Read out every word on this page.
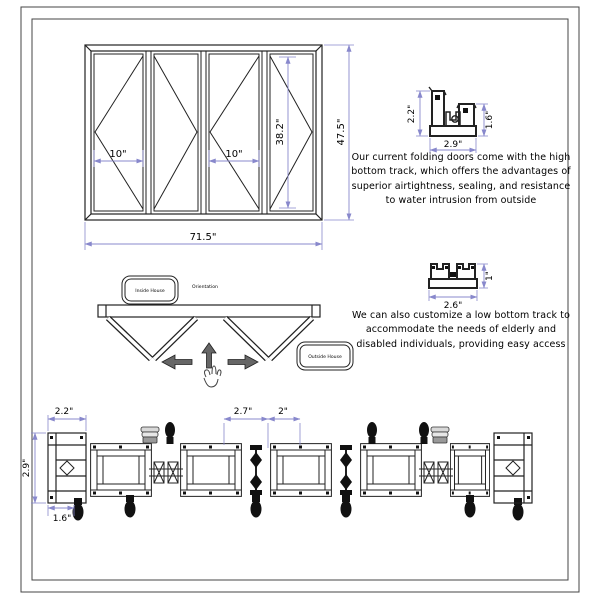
10"	10"
38.2"	47.5"
71.5"
2.2"
2.9"
1.6"
2.6"
1"
Inside House
Outside House
Orientation
2.2"
2.9"
1.6"
2.7"	2"
Our current folding doors come with the high bottom track, which offers the advantages of superior airtightness, sealing, and resistance to water intrusion from outside
We can also customize a low bottom track to accommodate the needs of elderly and disabled individuals, providing easy access
